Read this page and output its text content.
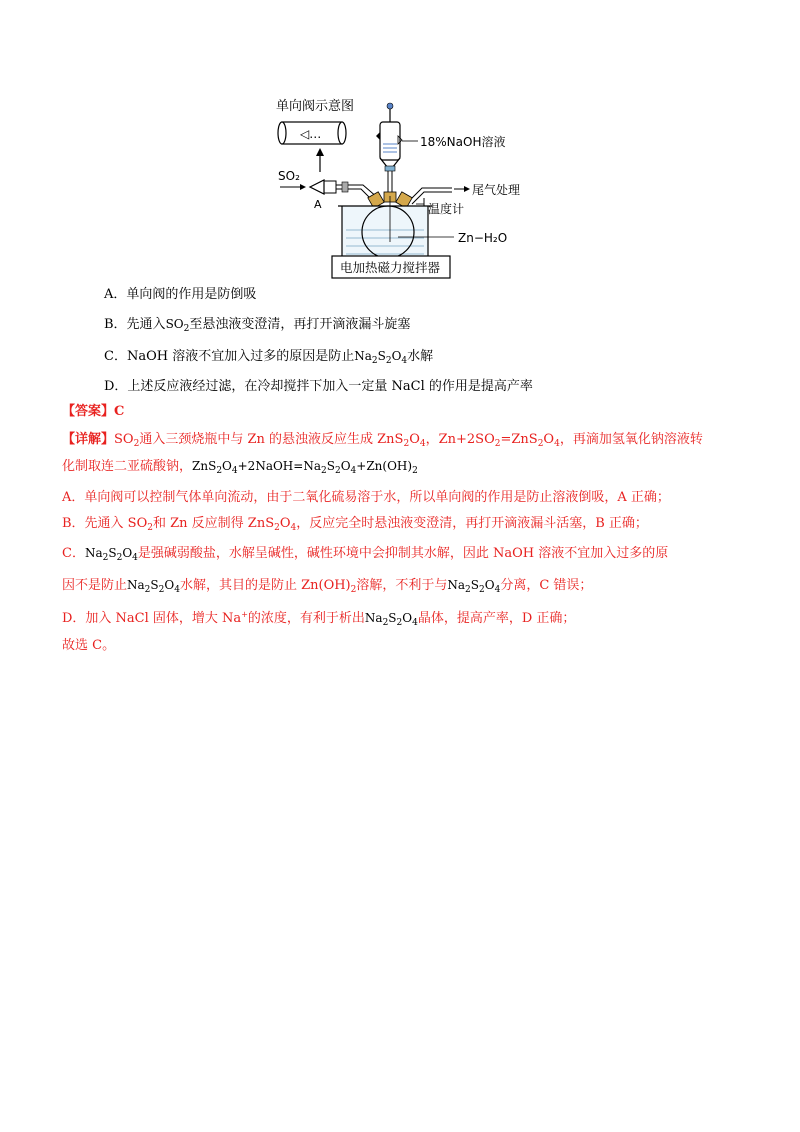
单向阀示意图
◁…
SO₂
A
18%NaOH溶液
尾气处理
温度计
Zn−H₂O
电加热磁力搅拌器
A．单向阀的作用是防倒吸
B．先通入$SO_2$至悬浊液变澄清，再打开滴液漏斗旋塞
C．NaOH 溶液不宜加入过多的原因是防止$Na_2S_2O_4$水解
D．上述反应液经过滤，在冷却搅拌下加入一定量 NaCl 的作用是提高产率
【答案】C
【详解】$SO_2$通入三颈烧瓶中与 Zn 的悬浊液反应生成 $ZnS_2O_4$，$Zn+2SO_2=ZnS_2O_4$，再滴加氢氧化钠溶液转
化制取连二亚硫酸钠，$ZnS_2O_4+2NaOH=Na_2S_2O_4+Zn(OH)_2$
A．单向阀可以控制气体单向流动，由于二氧化硫易溶于水，所以单向阀的作用是防止溶液倒吸，A 正确；
B．先通入 $SO_2$和 Zn 反应制得 $ZnS_2O_4$，反应完全时悬浊液变澄清，再打开滴液漏斗活塞，B 正确；
C．$Na_2S_2O_4$是强碱弱酸盐，水解呈碱性，碱性环境中会抑制其水解，因此 NaOH 溶液不宜加入过多的原
因不是防止$Na_2S_2O_4$水解，其目的是防止 $Zn(OH)_2$溶解，不利于与$Na_2S_2O_4$分离，C 错误；
D．加入 NaCl 固体，增大 Na+的浓度，有利于析出$Na_2S_2O_4$晶体，提高产率，D 正确；
故选 C。
